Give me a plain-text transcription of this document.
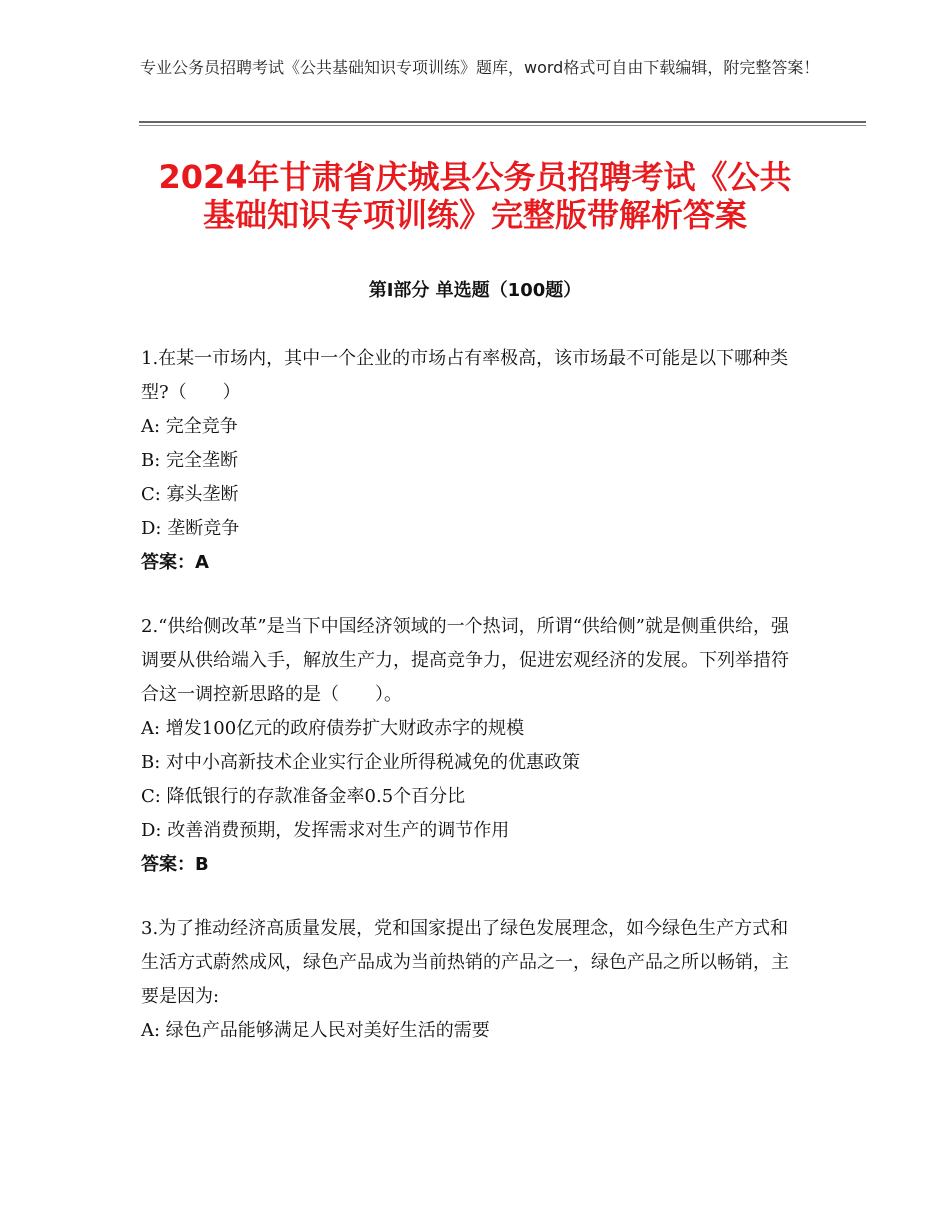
专业公务员招聘考试《公共基础知识专项训练》题库，word格式可自由下载编辑，附完整答案！
2024年甘肃省庆城县公务员招聘考试《公共
基础知识专项训练》完整版带解析答案
第Ⅰ部分 单选题（100题）

1.在某一市场内，其中一个企业的市场占有率极高，该市场最不可能是以下哪种类型?（　　）

A: 完全竞争
B: 完全垄断
C: 寡头垄断
D: 垄断竞争
答案：A

2.“供给侧改革”是当下中国经济领域的一个热词，所谓“供给侧”就是侧重供给，强调要从供给端入手，解放生产力，提高竞争力，促进宏观经济的发展。下列举措符合这一调控新思路的是（　　）。

A: 增发100亿元的政府债券扩大财政赤字的规模
B: 对中小高新技术企业实行企业所得税减免的优惠政策
C: 降低银行的存款准备金率0.5个百分比
D: 改善消费预期，发挥需求对生产的调节作用
答案：B

3.为了推动经济高质量发展，党和国家提出了绿色发展理念，如今绿色生产方式和生活方式蔚然成风，绿色产品成为当前热销的产品之一，绿色产品之所以畅销，主要是因为:

A: 绿色产品能够满足人民对美好生活的需要
